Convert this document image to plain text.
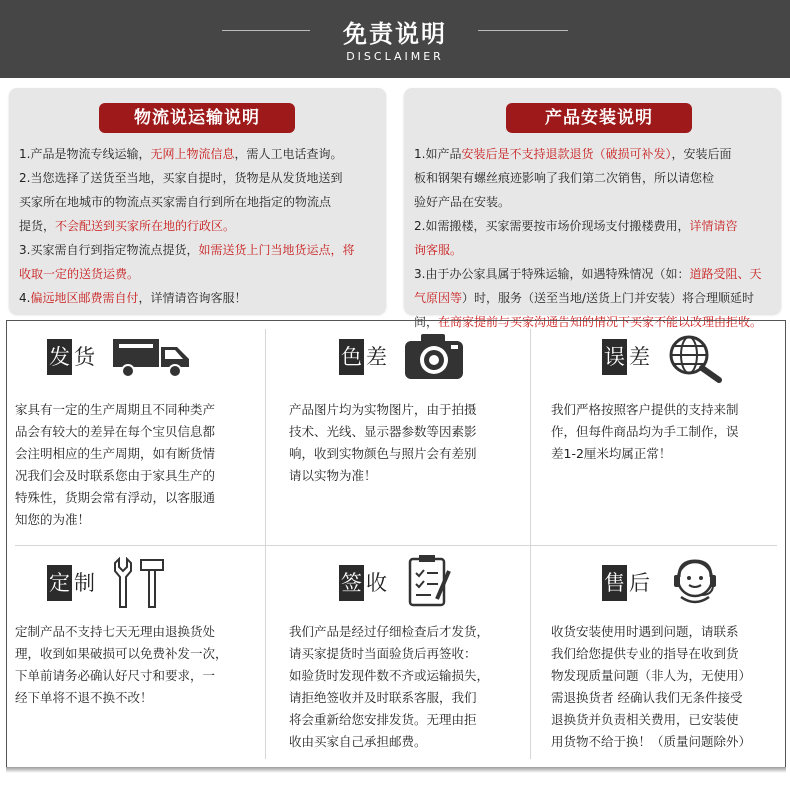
免责说明
DISCLAIMER
物流说运输说明

1.产品是物流专线运输，无网上物流信息，需人工电话查询。

2.当您选择了送货至当地，买家自提时，货物是从发货地送到

买家所在地城市的物流点买家需自行到所在地指定的物流点

提货，不会配送到买家所在地的行政区。

3.买家需自行到指定物流点提货，如需送货上门当地货运点，将

收取一定的送货运费。

4.偏远地区邮费需自付，详情请咨询客服！

产品安装说明

1.如产品安装后是不支持退款退货（破损可补发），安装后面

板和钢架有螺丝痕迹影响了我们第二次销售，所以请您检

验好产品在安装。

2.如需搬楼，买家需要按市场价现场支付搬楼费用，详情请咨

询客服。

3.由于办公家具属于特殊运输，如遇特殊情况（如：道路受阻、天

气原因等）时，服务（送至当地/送货上门并安装）将合理顺延时

间，在商家提前与买家沟通告知的情况下买家不能以改理由拒收。

发 货
家具有一定的生产周期且不同种类产
品会有较大的差异在每个宝贝信息都
会注明相应的生产周期，如有断货情
况我们会及时联系您由于家具生产的
特殊性，货期会常有浮动，以客服通
知您的为准！
色 差
产品图片均为实物图片，由于拍摄
技术、光线、显示器参数等因素影
响，收到实物颜色与照片会有差别
请以实物为准！
误 差
我们严格按照客户提供的支持来制
作，但每件商品均为手工制作，误
差1-2厘米均属正常！
定 制
定制产品不支持七天无理由退换货处
理，收到如果破损可以免费补发一次，
下单前请务必确认好尺寸和要求，一
经下单将不退不换不改！
签 收
我们产品是经过仔细检查后才发货，
请买家提货时当面验货后再签收：
如验货时发现件数不齐或运输损失，
请拒绝签收并及时联系客服，我们
将会重新给您安排发货。无理由拒
收由买家自己承担邮费。
售 后
收货安装使用时遇到问题，请联系
我们给您提供专业的指导在收到货
物发现质量问题（非人为，无使用）
需退换货者 经确认我们无条件接受
退换货并负责相关费用，已安装使
用货物不给于换！（质量问题除外）
